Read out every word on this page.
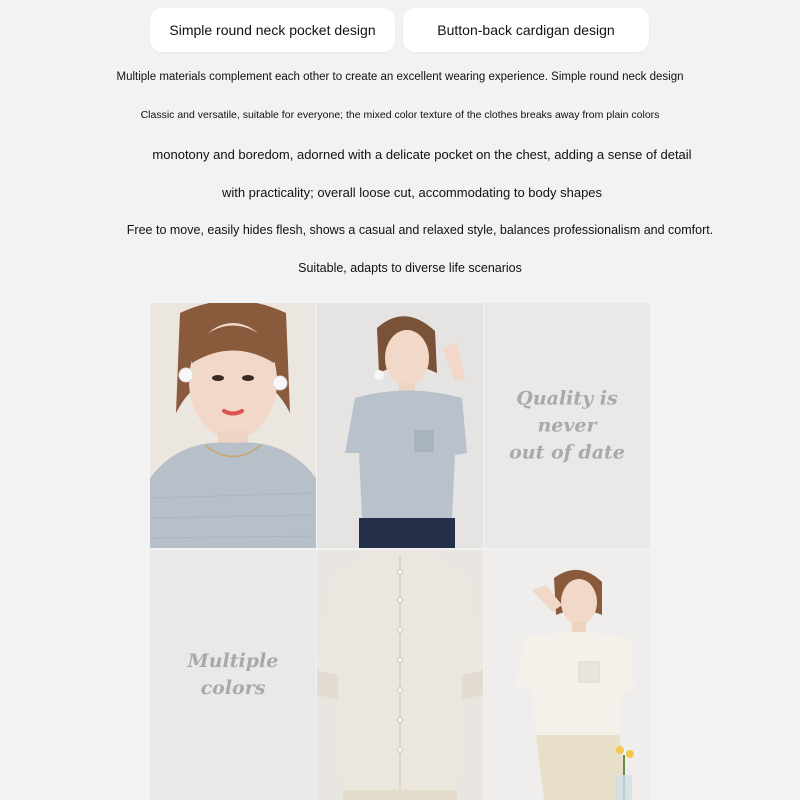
Simple round neck pocket design	Button-back cardigan design
Multiple materials complement each other to create an excellent wearing experience. Simple round neck design
Classic and versatile, suitable for everyone; the mixed color texture of the clothes breaks away from plain colors
monotony and boredom, adorned with a delicate pocket on the chest, adding a sense of detail
with practicality; overall loose cut, accommodating to body shapes
Free to move, easily hides flesh, shows a casual and relaxed style, balances professionalism and comfort.
Suitable, adapts to diverse life scenarios
Quality is
never
out of date
Multiple
colors
